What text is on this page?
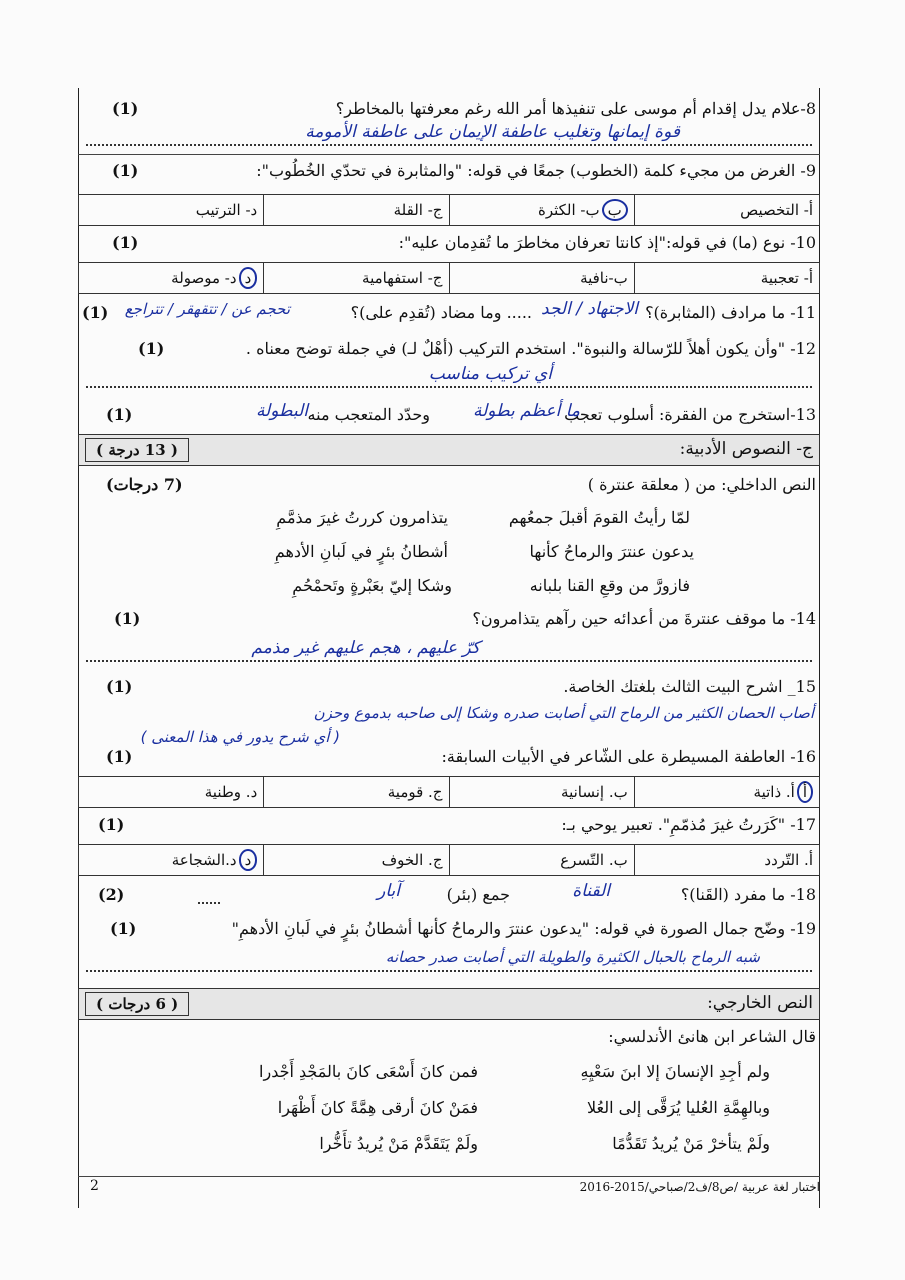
8-علام يدل إقدام أم موسى على تنفيذها أمر الله رغم معرفتها بالمخاطر؟
(1)
قوة إيمانها وتغليب عاطفة الإيمان على عاطفة الأمومة
9- الغرض من مجيء كلمة (الخطوب) جمعًا في قوله: "والمثابرة في تحدّي الخُطُوب":
(1)
أ- التخصيص
بب- الكثرة
ج- القلة
د- الترتيب
10- نوع (ما) في قوله:"إذ كانتا تعرفان مخاطرَ ما تُقدِمان عليه":
(1)
أ- تعجبية
ب-نافية
ج- استفهامية
دد- موصولة
11- ما مرادف (المثابرة)؟
الاجتهاد / الجد
..... وما مضاد (تُقدِم على)؟
تحجم عن / تتقهقر / تتراجع
(1)
12- "وأن يكون أهلاً للرّسالة والنبوة". استخدم التركيب (أهْلٌ لـ) في جملة توضح معناه .
(1)
أي تركيب مناسب
13-استخرج من الفقرة: أسلوب تعجب
ما أعظم بطولة
وحدّد المتعجب منه
البطولة
(1)
ج- النصوص الأدبية:
( 13 درجة )
النص الداخلي: من ( معلقة عنترة )
(7 درجات)
لمّا رأيتُ القومَ أقبلَ جمعُهم
يتذامرون كررتُ غيرَ مذمَّمِ
يدعون عنترَ والرماحُ كأنها
أشطانُ بئرٍ في لَبانِ الأدهمِ
فازورَّ من وقعِ القنا بلبانه
وشكا إليّ بعَبْرةٍ وتَحمْحُمِ
14- ما موقف عنترةَ من أعدائه حين رآهم يتذامرون؟
(1)
كرّ عليهم ، هجم عليهم غير مذمم
15_ اشرح البيت الثالث بلغتك الخاصة.
(1)
أصاب الحصان الكثير من الرماح التي أصابت صدره وشكا إلى صاحبه بدموع وحزن
( أي شرح يدور في هذا المعنى )
16- العاطفة المسيطرة على الشّاعر في الأبيات السابقة:
(1)
أأ. ذاتية
ب. إنسانية
ج. قومية
د. وطنية
17- "كَرَرتُ غيرَ مُذمّمِ". تعبير يوحي بـ:
(1)
أ. التّردد
ب. التّسرع
ج. الخوف
دد.الشجاعة
18- ما مفرد (القَنا)؟
القناة
جمع (بئر)
آبار
(2)
19- وضّح جمال الصورة في قوله: "يدعون عنترَ والرماحُ كأنها أشطانُ بئرٍ في لَبانِ الأدهمِ"
(1)
شبه الرماح بالحبال الكثيرة والطويلة التي أصابت صدر حصانه
النص الخارجي:
( 6 درجات )
قال الشاعر ابن هانئ الأندلسي:
ولم أجِدِ الإنسانَ إلا ابنَ سَعْيِهِ
فمن كانَ أَسْعَى كانَ بالمَجْدِ أَجْدرا
وبالهِمَّةِ العُليا يُرَقَّى إلى العُلا
فمَنْ كانَ أرقى هِمَّةً كانَ أَظْهَرا
ولَمْ يتأخرْ مَنْ يُريدُ تَقَدُّمًا
ولَمْ يَتَقَدَّمْ مَنْ يُريدُ تأَخُّرا
2	اختبار لغة عربية /ص8/ف2/صباحي/2015-2016
